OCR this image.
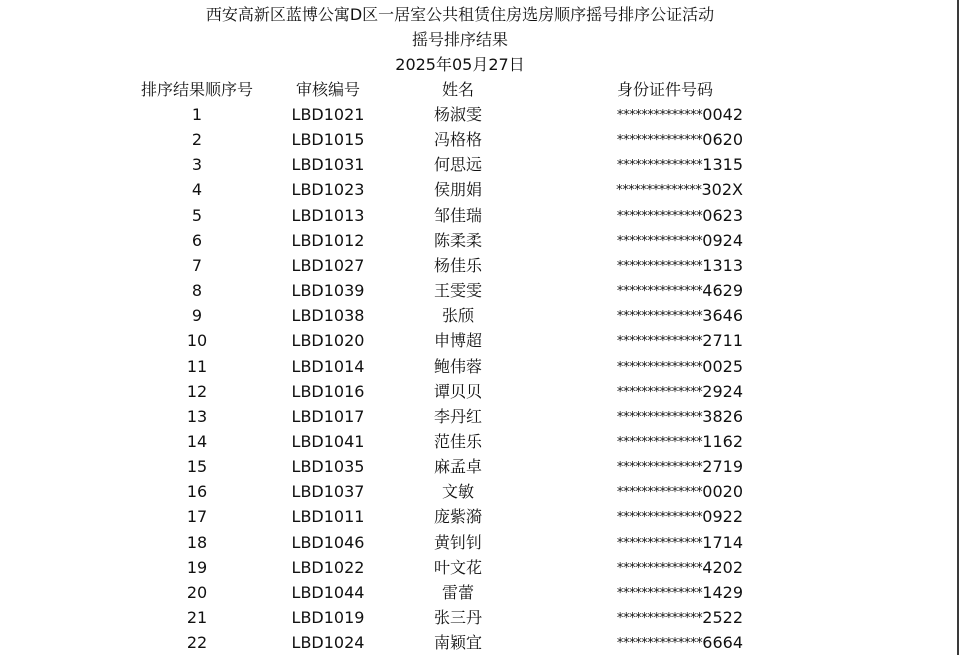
西安高新区蓝博公寓D区一居室公共租赁住房选房顺序摇号排序公证活动
摇号排序结果
2025年05月27日
排序结果顺序号	审核编号	姓名	身份证件号码
1	LBD1021	杨淑雯	**************0042
2	LBD1015	冯格格	**************0620
3	LBD1031	何思远	**************1315
4	LBD1023	侯朋娟	**************302X
5	LBD1013	邹佳瑞	**************0623
6	LBD1012	陈柔柔	**************0924
7	LBD1027	杨佳乐	**************1313
8	LBD1039	王雯雯	**************4629
9	LBD1038	张颀	**************3646
10	LBD1020	申博超	**************2711
11	LBD1014	鲍伟蓉	**************0025
12	LBD1016	谭贝贝	**************2924
13	LBD1017	李丹红	**************3826
14	LBD1041	范佳乐	**************1162
15	LBD1035	麻孟卓	**************2719
16	LBD1037	文敏	**************0020
17	LBD1011	庞紫漪	**************0922
18	LBD1046	黄钊钊	**************1714
19	LBD1022	叶文花	**************4202
20	LBD1044	雷蕾	**************1429
21	LBD1019	张三丹	**************2522
22	LBD1024	南颖宜	**************6664
